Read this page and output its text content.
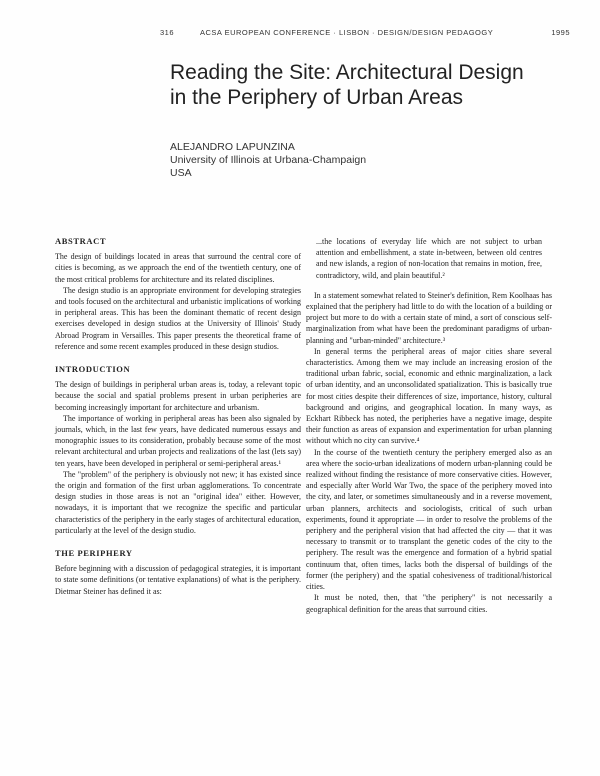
316	ACSA EUROPEAN CONFERENCE · LISBON · DESIGN/DESIGN PEDAGOGY	1995
Reading the Site: Architectural Design
in the Periphery of Urban Areas
ALEJANDRO LAPUNZINA
University of Illinois at Urbana-Champaign
USA
ABSTRACT

The design of buildings located in areas that surround the central core of cities is becoming, as we approach the end of the twentieth century, one of the most critical problems for architecture and its related disciplines.

The design studio is an appropriate environment for developing strategies and tools focused on the architectural and urbanistic implications of working in peripheral areas. This has been the dominant thematic of recent design exercises developed in design studios at the University of Illinois' Study Abroad Program in Versailles. This paper presents the theoretical frame of reference and some recent examples produced in these design studios.

INTRODUCTION

The design of buildings in peripheral urban areas is, today, a relevant topic because the social and spatial problems present in urban peripheries are becoming increasingly important for architecture and urbanism.

The importance of working in peripheral areas has been also signaled by journals, which, in the last few years, have dedicated numerous essays and monographic issues to its consideration, probably because some of the most relevant architectural and urban projects and realizations of the last (lets say) ten years, have been developed in peripheral or semi-peripheral areas.¹

The "problem" of the periphery is obviously not new; it has existed since the origin and formation of the first urban agglomerations. To concentrate design studies in those areas is not an "original idea" either. However, nowadays, it is important that we recognize the specific and particular characteristics of the periphery in the early stages of architectural education, particularly at the level of the design studio.

THE PERIPHERY

Before beginning with a discussion of pedagogical strategies, it is important to state some definitions (or tentative explanations) of what is the periphery. Dietmar Steiner has defined it as:

...the locations of everyday life which are not subject to urban attention and embellishment, a state in-between, between old centres and new islands, a region of non-location that remains in motion, free, contradictory, wild, and plain beautiful.²

In a statement somewhat related to Steiner's definition, Rem Koolhaas has explained that the periphery had little to do with the location of a building or project but more to do with a certain state of mind, a sort of conscious self-marginalization from what have been the predominant paradigms of urban-planning and "urban-minded" architecture.³

In general terms the peripheral areas of major cities share several characteristics. Among them we may include an increasing erosion of the traditional urban fabric, social, economic and ethnic marginalization, a lack of urban identity, and an unconsolidated spatialization. This is basically true for most cities despite their differences of size, importance, history, cultural background and origins, and geographical location. In many ways, as Eckhart Ribbeck has noted, the peripheries have a negative image, despite their function as areas of expansion and experimentation for urban planning without which no city can survive.⁴

In the course of the twentieth century the periphery emerged also as an area where the socio-urban idealizations of modern urban-planning could be realized without finding the resistance of more conservative cities. However, and especially after World War Two, the space of the periphery moved into the city, and later, or sometimes simultaneously and in a reverse movement, urban planners, architects and sociologists, critical of such urban experiments, found it appropriate — in order to resolve the problems of the periphery and the peripheral vision that had affected the city — that it was necessary to transmit or to transplant the genetic codes of the city to the periphery. The result was the emergence and formation of a hybrid spatial continuum that, often times, lacks both the dispersal of buildings of the former (the periphery) and the spatial cohesiveness of traditional/historical cities.

It must be noted, then, that "the periphery" is not necessarily a geographical definition for the areas that surround cities.
